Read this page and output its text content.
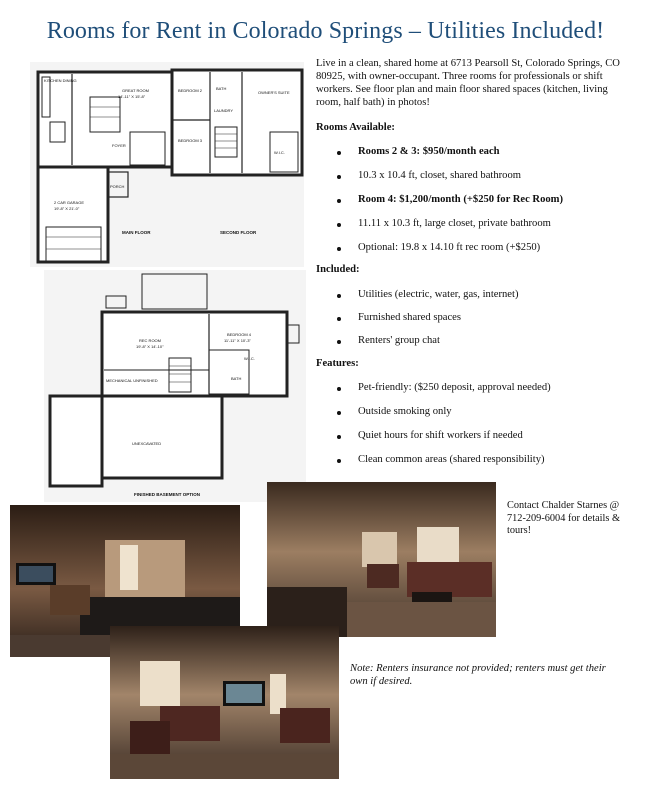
Rooms for Rent in Colorado Springs – Utilities Included!
KITCHEN DINING
GREAT ROOM
14'-11" X 15'-8"
FOYER
PORCH
2 CAR GARAGE
19'-8" X 21'-0"
BEDROOM 2
BEDROOM 3
OWNER'S SUITE
BATH
LAUNDRY
W.I.C.
MAIN FLOOR	SECOND FLOOR
REC ROOM
19'-8" X 14'-10"
BEDROOM 4
11'-11" X 10'-3"
BATH
W.I.C.
MECHANICAL UNFINISHED
UNEXCAVATED
FINISHED BASEMENT OPTION
Live in a clean, shared home at 6713 Pearsoll St, Colorado Springs, CO 80925, with owner-occupant. Three rooms for professionals or shift workers. See floor plan and main floor shared spaces (kitchen, living room, half bath) in photos!
Rooms Available:
Rooms 2 & 3: $950/month each
10.3 x 10.4 ft, closet, shared bathroom
Room 4: $1,200/month (+$250 for Rec Room)
11.11 x 10.3 ft, large closet, private bathroom
Optional: 19.8 x 14.10 ft rec room (+$250)
Included:
Utilities (electric, water, gas, internet)
Furnished shared spaces
Renters' group chat
Features:
Pet-friendly: ($250 deposit, approval needed)
Outside smoking only
Quiet hours for shift workers if needed
Clean common areas (shared responsibility)
Contact Chalder Starnes @ 712-209-6004 for details & tours!
Note: Renters insurance not provided; renters must get their own if desired.
